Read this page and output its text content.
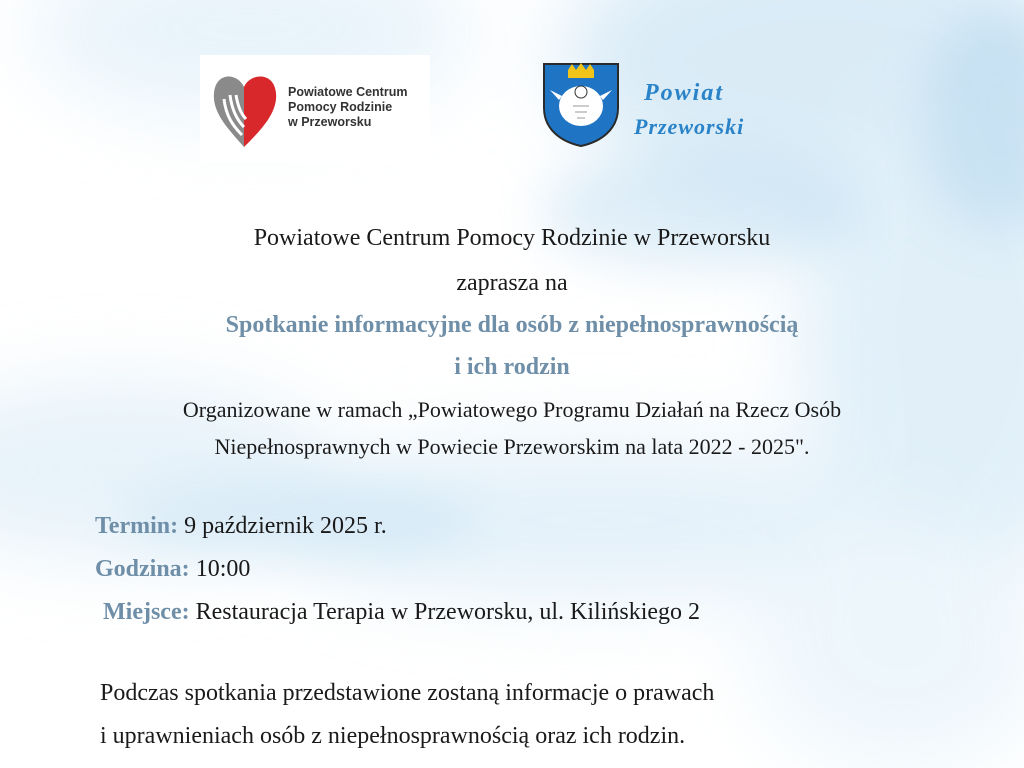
Powiatowe Centrum
Pomocy Rodzinie
w Przeworsku
Powiat
Przeworski
Powiatowe Centrum Pomocy Rodzinie w Przeworsku
zaprasza na
Spotkanie informacyjne dla osób z niepełnosprawnością
i ich rodzin
Organizowane w ramach „Powiatowego Programu Działań na Rzecz Osób
Niepełnosprawnych w Powiecie Przeworskim na lata 2022 - 2025".
Termin: 9 październik 2025 r.
Godzina: 10:00
Miejsce: Restauracja Terapia w Przeworsku, ul. Kilińskiego 2
Podczas spotkania przedstawione zostaną informacje o prawach
i uprawnieniach osób z niepełnosprawnością oraz ich rodzin.
